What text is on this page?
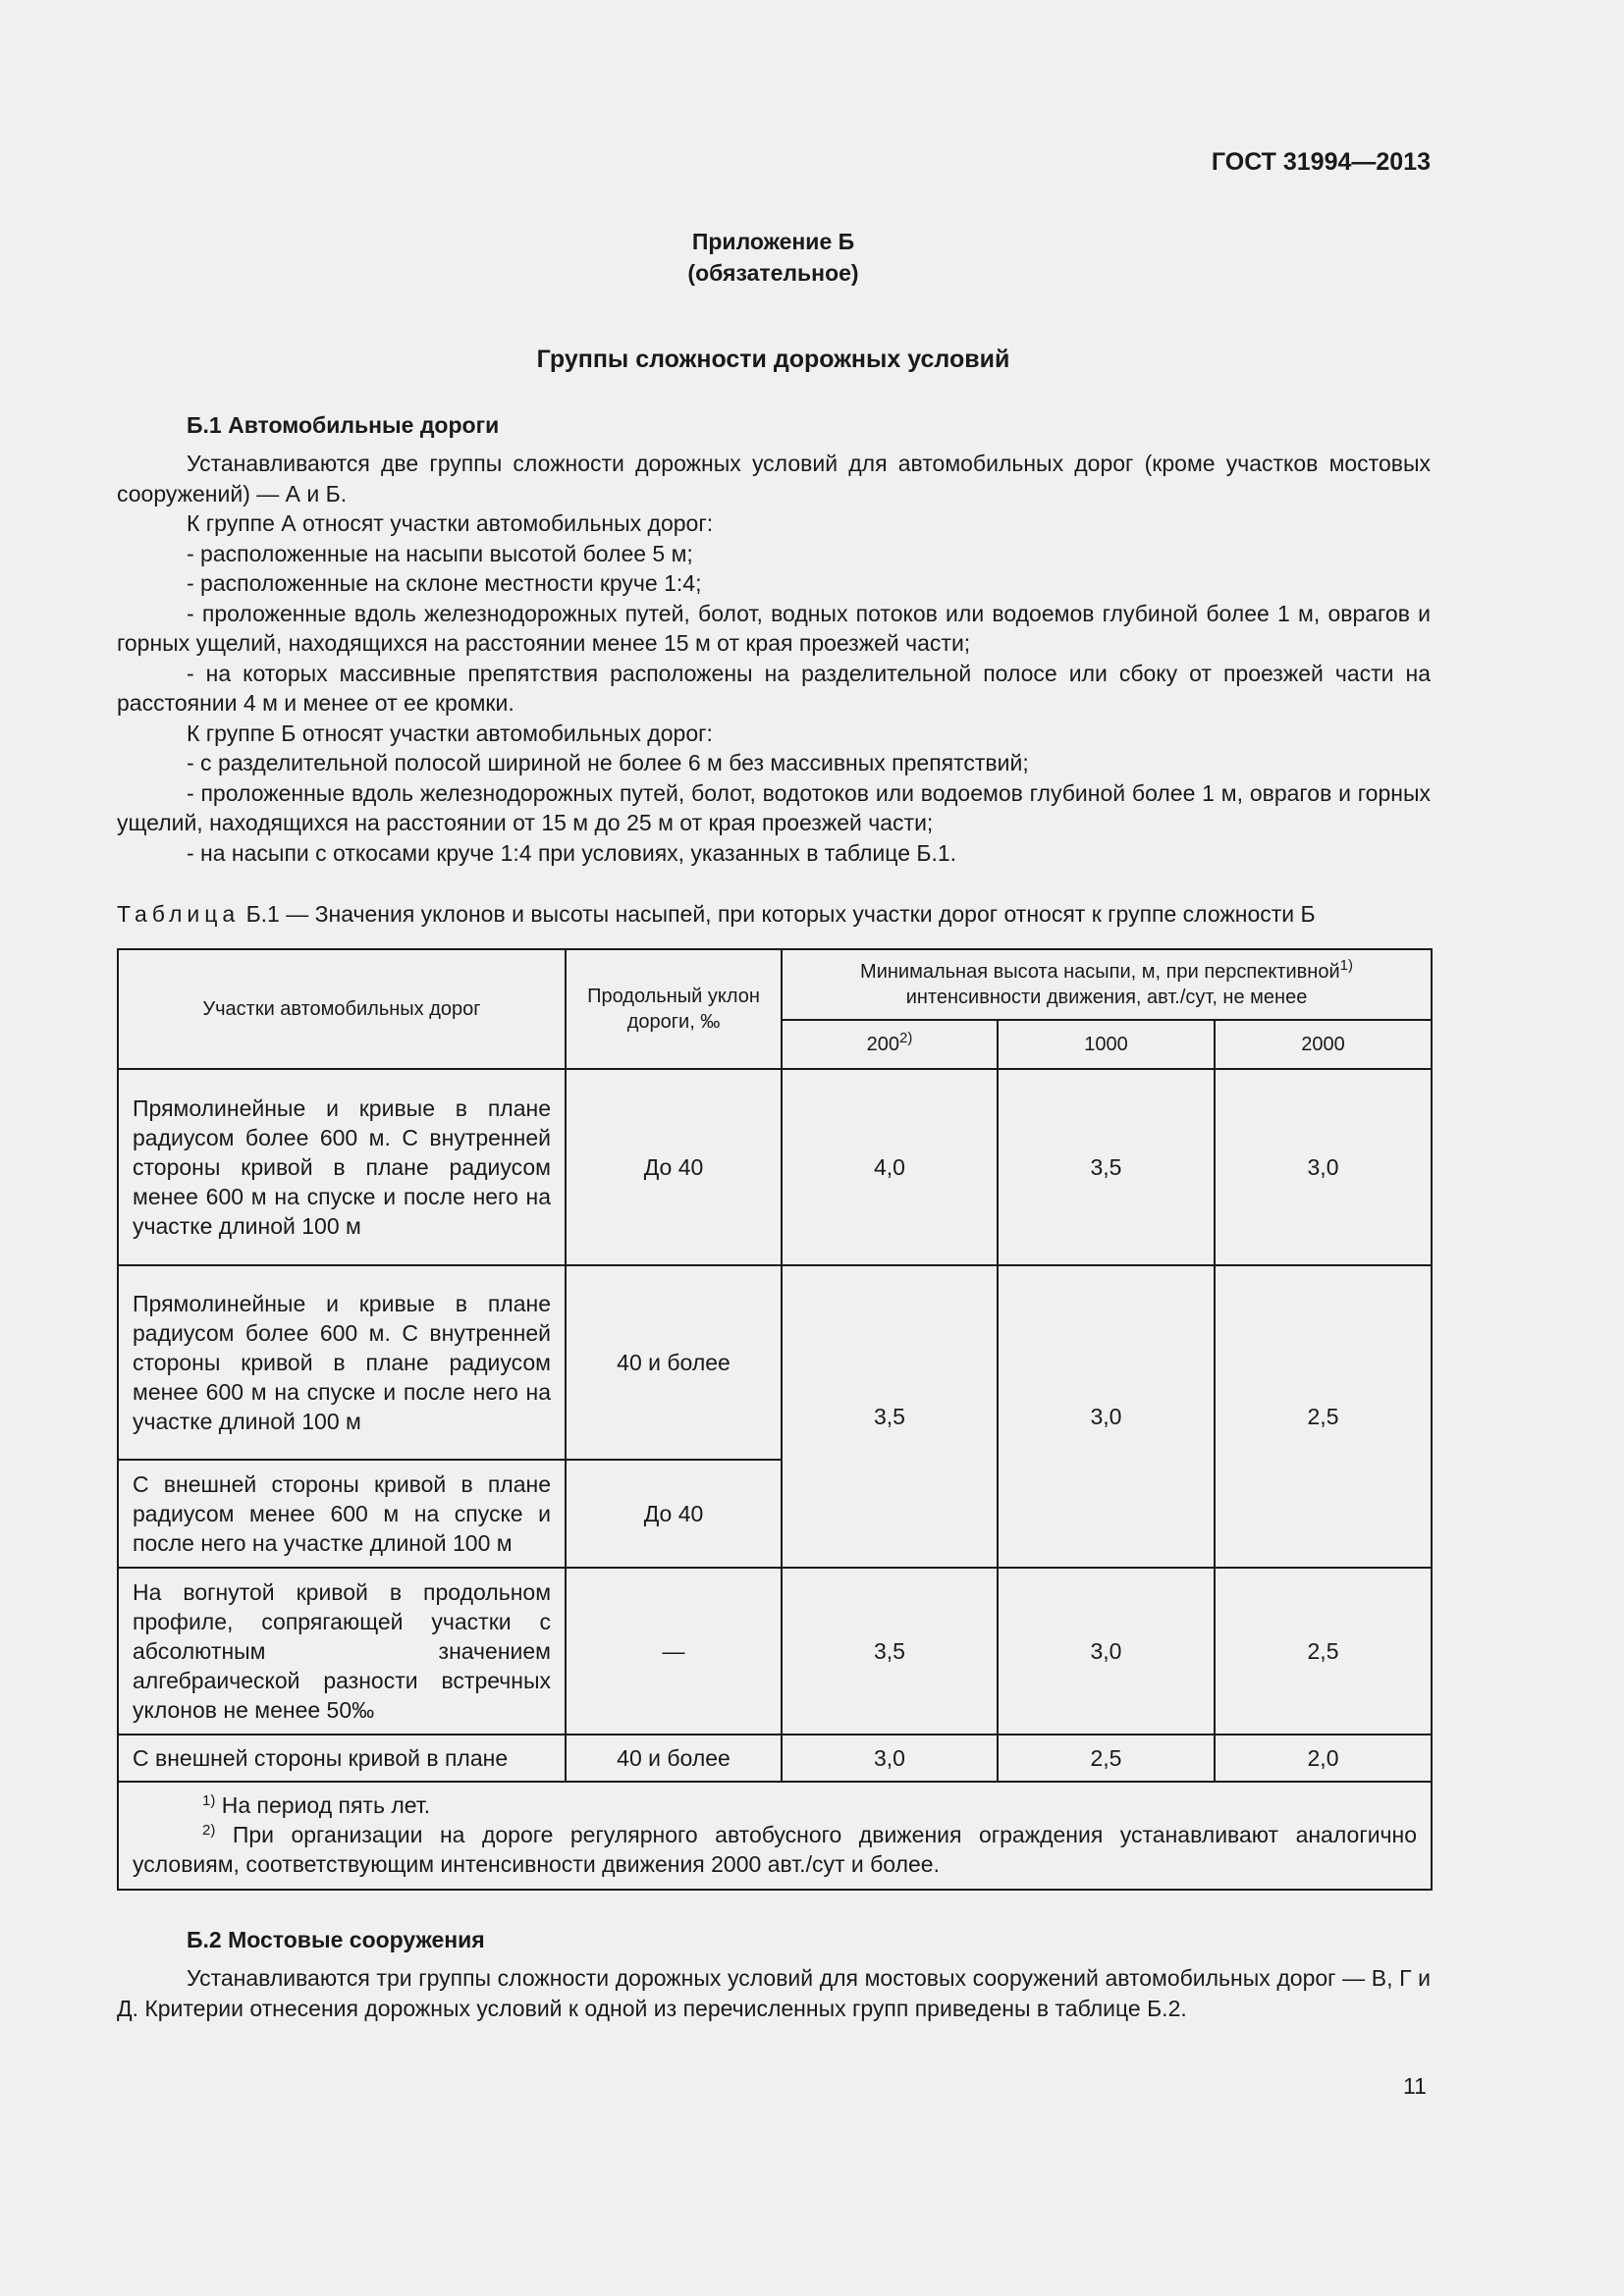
ГОСТ 31994—2013
Приложение Б
(обязательное)
Группы сложности дорожных условий
Б.1 Автомобильные дороги

Устанавливаются две группы сложности дорожных условий для автомобильных дорог (кроме участков мостовых сооружений) — А и Б.

К группе А относят участки автомобильных дорог:

- расположенные на насыпи высотой более 5 м;

- расположенные на склоне местности круче 1:4;

- проложенные вдоль железнодорожных путей, болот, водных потоков или водоемов глубиной более 1 м, оврагов и горных ущелий, находящихся на расстоянии менее 15 м от края проезжей части;

- на которых массивные препятствия расположены на разделительной полосе или сбоку от проезжей части на расстоянии 4 м и менее от ее кромки.

К группе Б относят участки автомобильных дорог:

- с разделительной полосой шириной не более 6 м без массивных препятствий;

- проложенные вдоль железнодорожных путей, болот, водотоков или водоемов глубиной более 1 м, оврагов и горных ущелий, находящихся на расстоянии от 15 м до 25 м от края проезжей части;

- на насыпи с откосами круче 1:4 при условиях, указанных в таблице Б.1.

Таблица Б.1 — Значения уклонов и высоты насыпей, при которых участки дорог относят к группе сложности Б
Участки автомобильных дорог	Продольный уклон дороги, ‰	Минимальная высота насыпи, м, при перспективной$^{1)}$
интенсивности движения, авт./сут, не менее		
		200$^{2)}$	1000	2000
Прямолинейные и кривые в плане радиусом более 600 м. С внутренней стороны кривой в плане радиусом менее 600 м на спуске и после него на участке длиной 100 м	До 40	4,0	3,5	3,0
Прямолинейные и кривые в плане радиусом более 600 м. С внутренней стороны кривой в плане радиусом менее 600 м на спуске и после него на участке длиной 100 м	40 и более	3,5	3,0	2,5
С внешней стороны кривой в плане радиусом менее 600 м на спуске и после него на участке длиной 100 м	До 40			
На вогнутой кривой в продольном профиле, сопрягающей участки с абсолютным значением алгебраической разности встречных уклонов не менее 50‰	—	3,5	3,0	2,5
С внешней стороны кривой в плане	40 и более	3,0	2,5	2,0

$^{1)}$ На период пять лет.

$^{2)}$ При организации на дороге регулярного автобусного движения ограждения устанавливают аналогично условиям, соответствующим интенсивности движения 2000 авт./сут и более.				

Б.2 Мостовые сооружения

Устанавливаются три группы сложности дорожных условий для мостовых сооружений автомобильных дорог — В, Г и Д. Критерии отнесения дорожных условий к одной из перечисленных групп приведены в таблице Б.2.

11
